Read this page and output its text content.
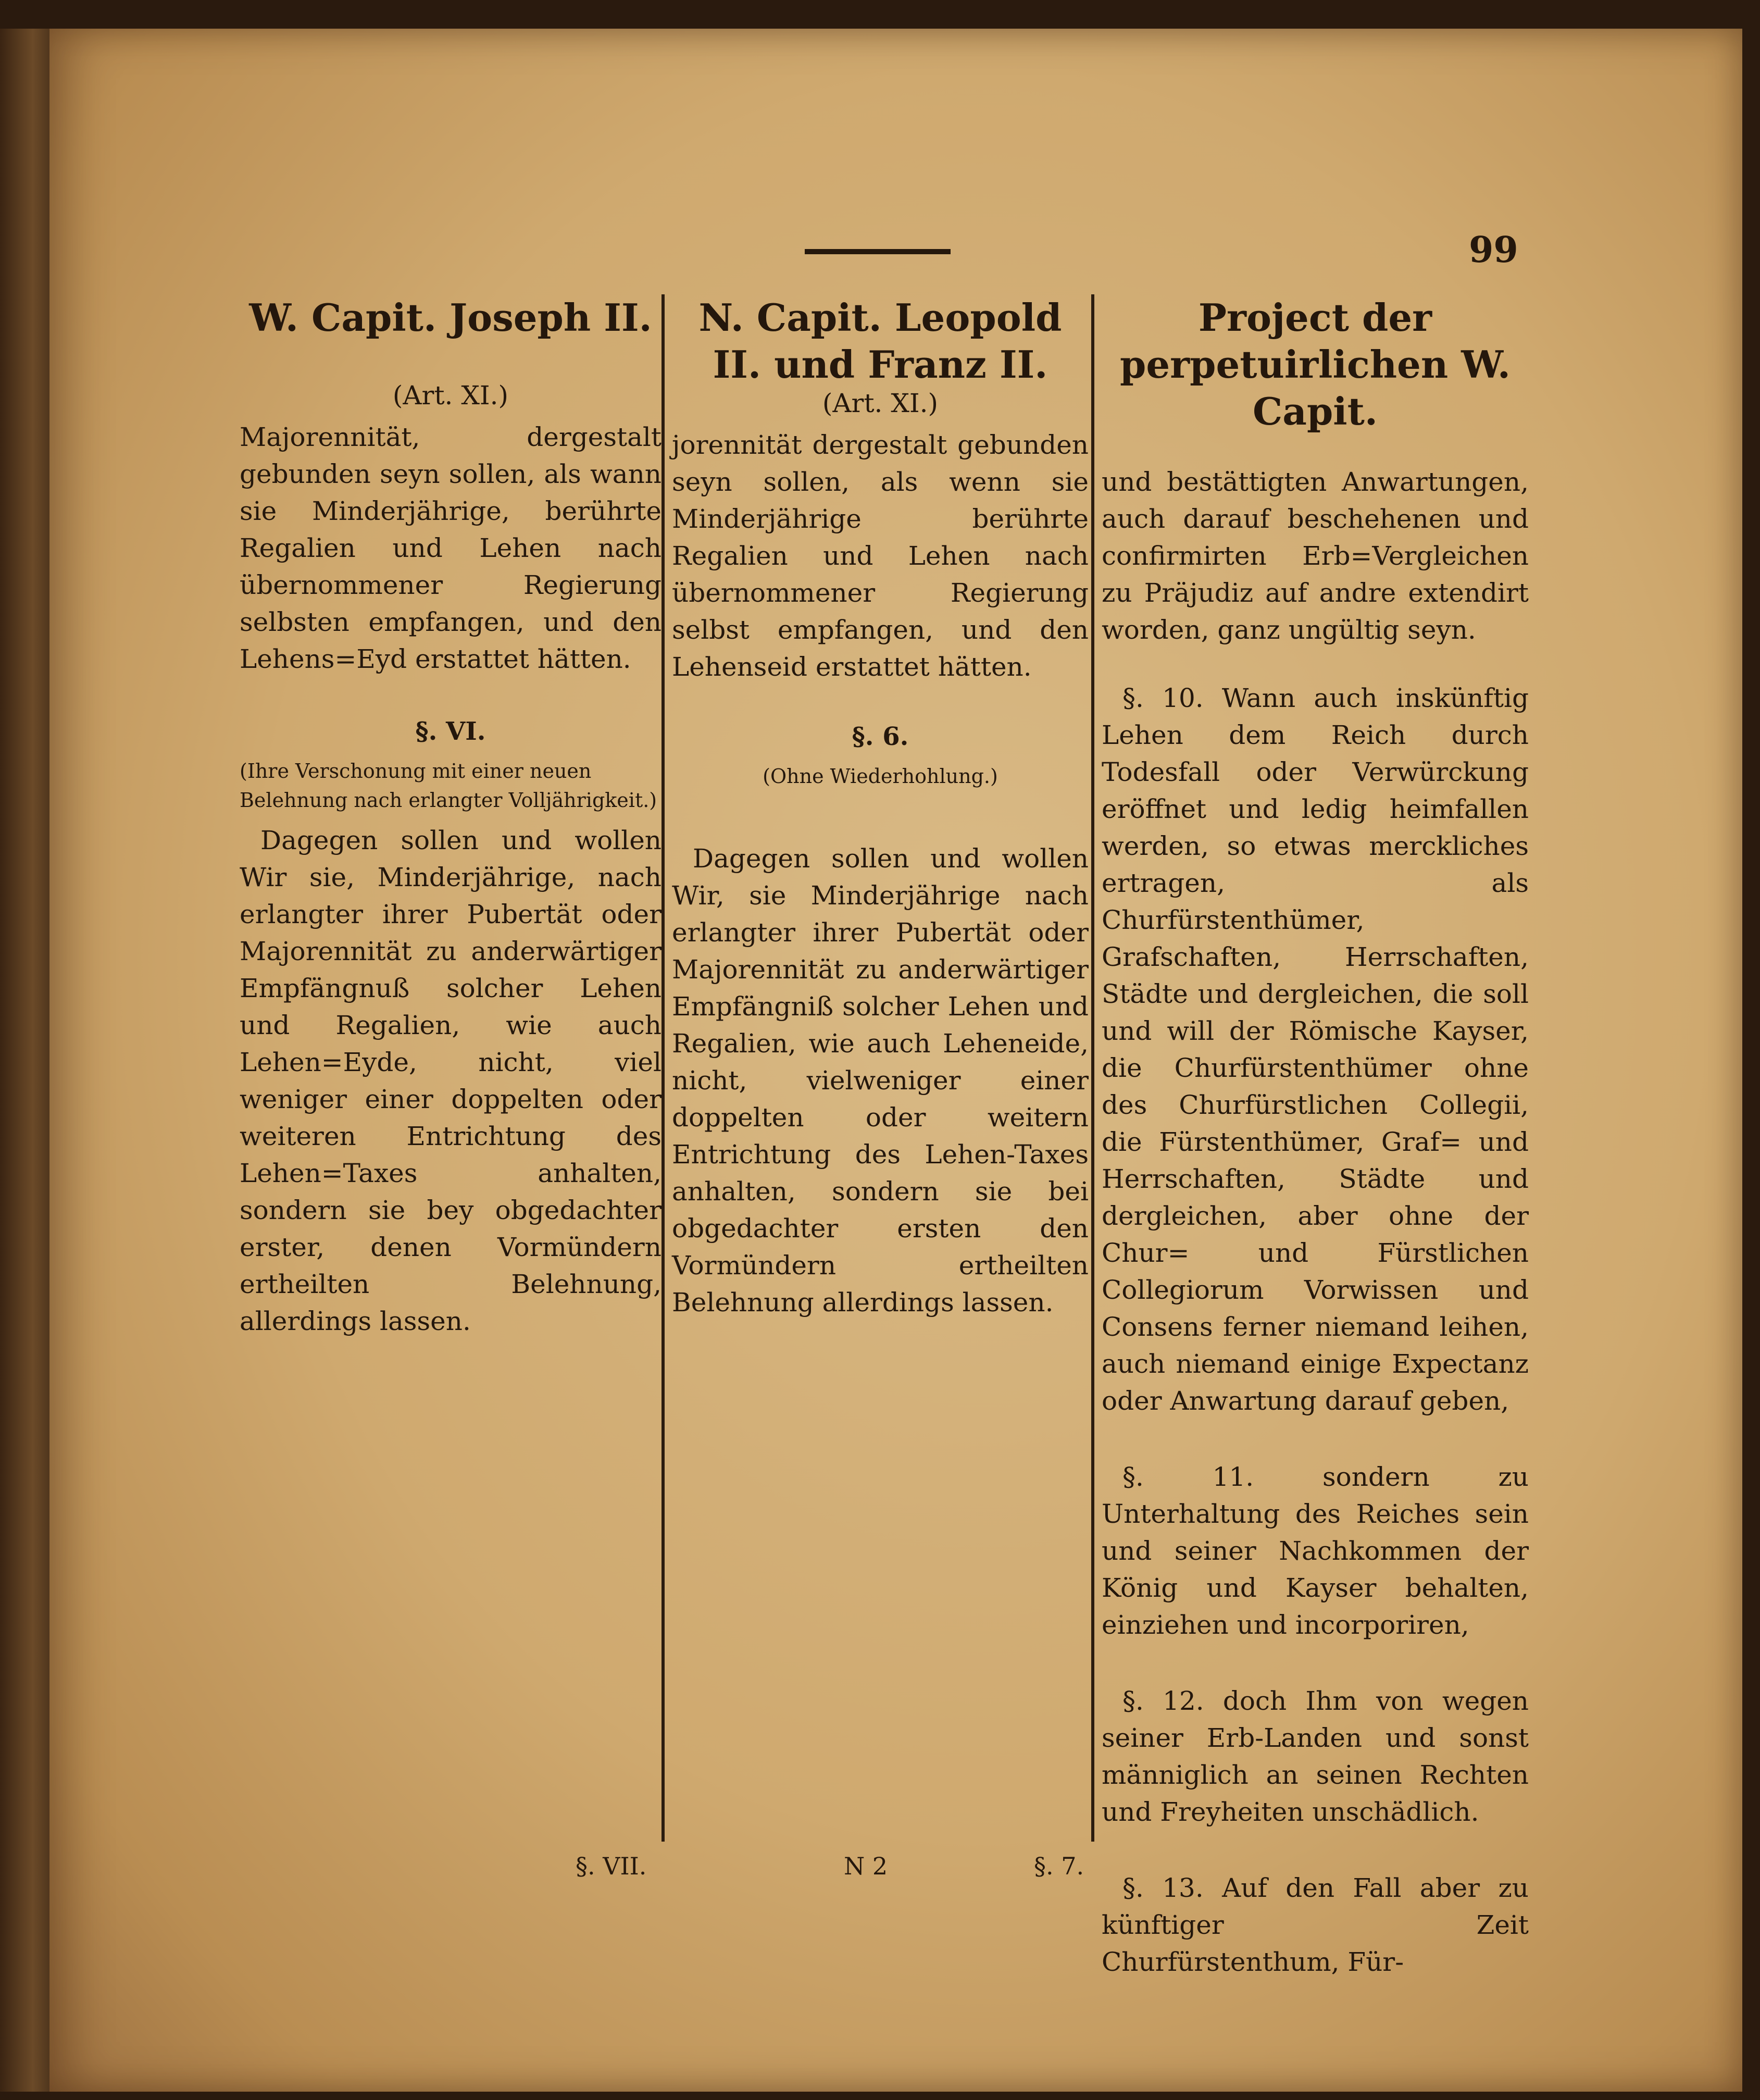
99

W. Capit. Joseph II.

(Art. XI.)

Majorennität, dergestalt gebunden seyn sollen, als wann sie Minderjährige, berührte Regalien und Lehen nach übernommener Regierung selbsten empfangen, und den Lehens=Eyd erstattet hätten.

§. VI.

(Ihre Verschonung mit einer neuen Belehnung nach erlangter Volljährigkeit.)

Dagegen sollen und wollen Wir sie, Minderjährige, nach erlangter ihrer Pubertät oder Majorennität zu anderwärtiger Empfängnuß solcher Lehen und Regalien, wie auch Lehen=Eyde, nicht, viel weniger einer doppelten oder weiteren Entrichtung des Lehen=Taxes anhalten, sondern sie bey obgedachter erster, denen Vormündern ertheilten Belehnung, allerdings lassen.

N. Capit. Leopold II. und Franz II.

(Art. XI.)

jorennität dergestalt gebunden seyn sollen, als wenn sie Minderjährige berührte Regalien und Lehen nach übernommener Regierung selbst empfangen, und den Lehenseid erstattet hätten.

§. 6.

(Ohne Wiederhohlung.)

Dagegen sollen und wollen Wir, sie Minderjährige nach erlangter ihrer Pubertät oder Majorennität zu anderwärtiger Empfängniß solcher Lehen und Regalien, wie auch Leheneide, nicht, vielweniger einer doppelten oder weitern Entrichtung des Lehen-Taxes anhalten, sondern sie bei obgedachter ersten den Vormündern ertheilten Belehnung allerdings lassen.

Project der perpetuirlichen W. Capit.

und bestättigten Anwartungen, auch darauf beschehenen und confirmirten Erb=Vergleichen zu Präjudiz auf andre extendirt worden, ganz ungültig seyn.

§. 10. Wann auch inskünftig Lehen dem Reich durch Todesfall oder Verwürckung eröffnet und ledig heimfallen werden, so etwas merckliches ertragen, als Churfürstenthümer, Grafschaften, Herrschaften, Städte und dergleichen, die soll und will der Römische Kayser, die Churfürstenthümer ohne des Churfürstlichen Collegii, die Fürstenthümer, Graf= und Herrschaften, Städte und dergleichen, aber ohne der Chur= und Fürstlichen Collegiorum Vorwissen und Consens ferner niemand leihen, auch niemand einige Expectanz oder Anwartung darauf geben,

§. 11. sondern zu Unterhaltung des Reiches sein und seiner Nachkommen der König und Kayser behalten, einziehen und incorporiren,

§. 12. doch Ihm von wegen seiner Erb-Landen und sonst männiglich an seinen Rechten und Freyheiten unschädlich.

§. 13. Auf den Fall aber zu künftiger Zeit Churfürstenthum, Für-

§. VII.	N 2	§. 7.
